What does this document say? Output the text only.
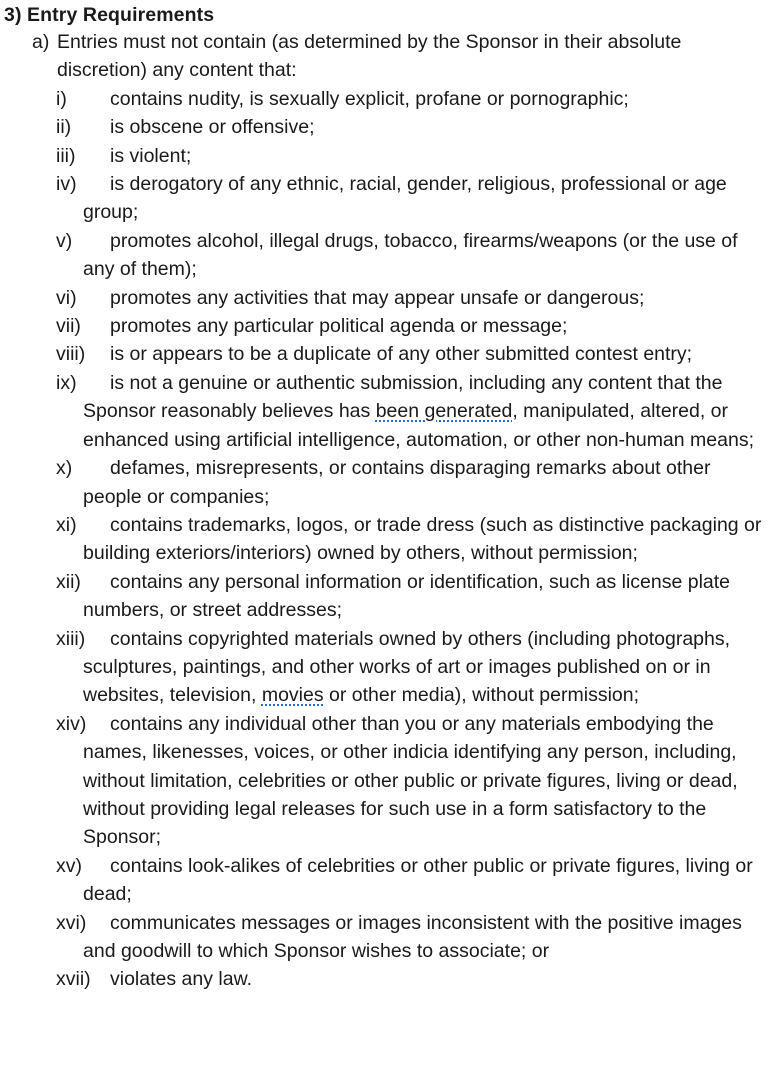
3) Entry Requirements
a) Entries must not contain (as determined by the Sponsor in their absolute discretion) any content that:
i) contains nudity, is sexually explicit, profane or pornographic;
ii) is obscene or offensive;
iii) is violent;
iv) is derogatory of any ethnic, racial, gender, religious, professional or age group;
v) promotes alcohol, illegal drugs, tobacco, firearms/weapons (or the use of any of them);
vi) promotes any activities that may appear unsafe or dangerous;
vii) promotes any particular political agenda or message;
viii) is or appears to be a duplicate of any other submitted contest entry;
ix) is not a genuine or authentic submission, including any content that the Sponsor reasonably believes has been generated, manipulated, altered, or enhanced using artificial intelligence, automation, or other non-human means;
x) defames, misrepresents, or contains disparaging remarks about other people or companies;
xi) contains trademarks, logos, or trade dress (such as distinctive packaging or building exteriors/interiors) owned by others, without permission;
xii) contains any personal information or identification, such as license plate numbers, or street addresses;
xiii) contains copyrighted materials owned by others (including photographs, sculptures, paintings, and other works of art or images published on or in websites, television, movies or other media), without permission;
xiv) contains any individual other than you or any materials embodying the names, likenesses, voices, or other indicia identifying any person, including, without limitation, celebrities or other public or private figures, living or dead, without providing legal releases for such use in a form satisfactory to the Sponsor;
xv) contains look-alikes of celebrities or other public or private figures, living or dead;
xvi) communicates messages or images inconsistent with the positive images and goodwill to which Sponsor wishes to associate; or
xvii) violates any law.
